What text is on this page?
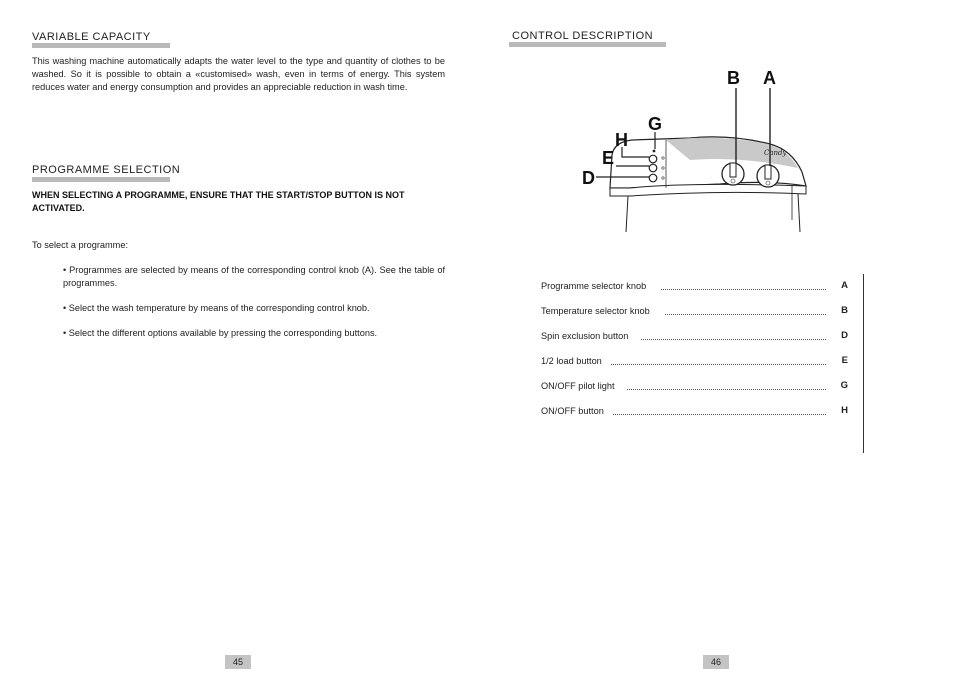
VARIABLE CAPACITY
This washing machine automatically adapts the water level to the type and quantity of clothes to be washed. So it is possible to obtain a «customised» wash, even in terms of energy. This system reduces water and energy consumption and provides an appreciable reduction in wash time.
PROGRAMME SELECTION
WHEN SELECTING A PROGRAMME, ENSURE THAT THE START/STOP BUTTON IS NOT ACTIVATED.
To select a programme:
• Programmes are selected by means of the corresponding control knob (A). See the table of programmes.
• Select the wash temperature by means of the corresponding control knob.
• Select the different options available by pressing the corresponding buttons.
45
CONTROL DESCRIPTION
Candy
B A
G
H
E
D
Programme selector knob	A
Temperature selector knob	B
Spin exclusion button	D
1/2 load button	E
ON/OFF pilot light	G
ON/OFF button	H
46
